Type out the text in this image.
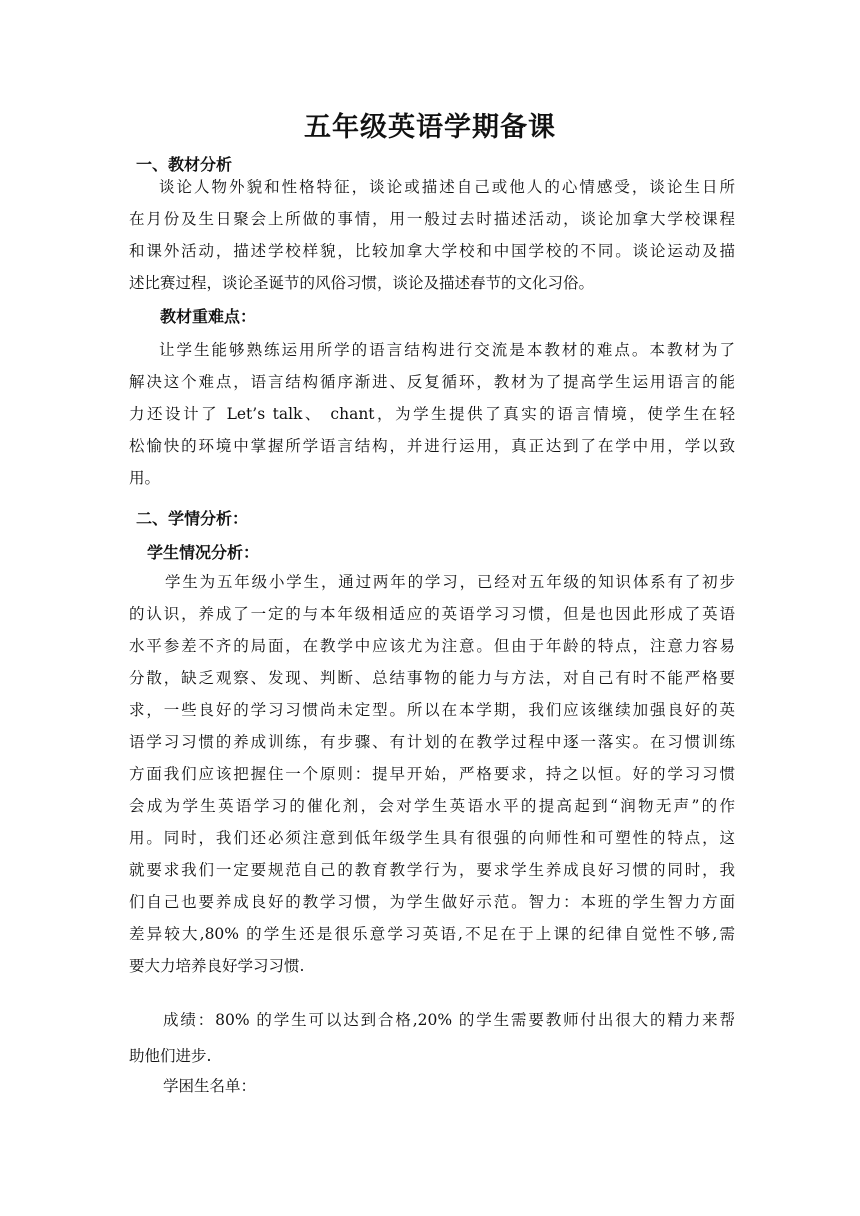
五年级英语学期备课
一、教材分析
谈论人物外貌和性格特征，谈论或描述自己或他人的心情感受，谈论生日所
在月份及生日聚会上所做的事情，用一般过去时描述活动，谈论加拿大学校课程
和课外活动，描述学校样貌，比较加拿大学校和中国学校的不同。谈论运动及描
述比赛过程，谈论圣诞节的风俗习惯，谈论及描述春节的文化习俗。
教材重难点：
让学生能够熟练运用所学的语言结构进行交流是本教材的难点。本教材为了
解决这个难点，语言结构循序渐进、反复循环，教材为了提高学生运用语言的能
力还设计了 Let’s talk、 chant，为学生提供了真实的语言情境，使学生在轻
松愉快的环境中掌握所学语言结构，并进行运用，真正达到了在学中用，学以致
用。
二、学情分析：
学生情况分析：
学生为五年级小学生，通过两年的学习，已经对五年级的知识体系有了初步
的认识，养成了一定的与本年级相适应的英语学习习惯，但是也因此形成了英语
水平参差不齐的局面，在教学中应该尤为注意。但由于年龄的特点，注意力容易
分散，缺乏观察、发现、判断、总结事物的能力与方法，对自己有时不能严格要
求，一些良好的学习习惯尚未定型。所以在本学期，我们应该继续加强良好的英
语学习习惯的养成训练，有步骤、有计划的在教学过程中逐一落实。在习惯训练
方面我们应该把握住一个原则：提早开始，严格要求，持之以恒。好的学习习惯
会成为学生英语学习的催化剂，会对学生英语水平的提高起到“润物无声”的作
用。同时，我们还必须注意到低年级学生具有很强的向师性和可塑性的特点，这
就要求我们一定要规范自己的教育教学行为，要求学生养成良好习惯的同时，我
们自己也要养成良好的教学习惯，为学生做好示范。智力：本班的学生智力方面
差异较大,80% 的学生还是很乐意学习英语,不足在于上课的纪律自觉性不够,需
要大力培养良好学习习惯.
成绩：80% 的学生可以达到合格,20% 的学生需要教师付出很大的精力来帮
助他们进步.
学困生名单：
